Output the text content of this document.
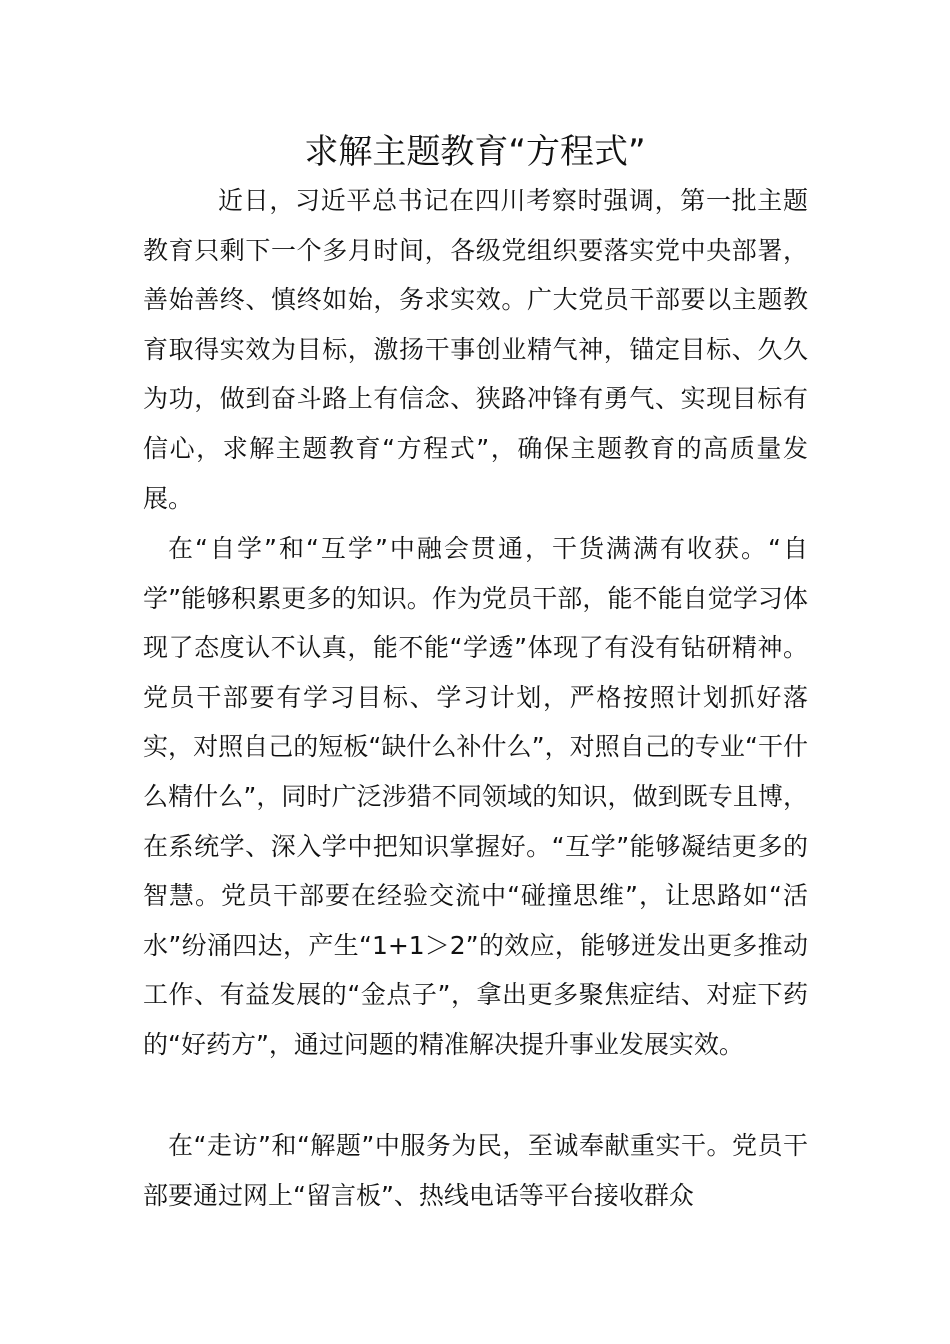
求解主题教育“方程式”

近日，习近平总书记在四川考察时强调，第一批主题教育只剩下一个多月时间，各级党组织要落实党中央部署，善始善终、慎终如始，务求实效。广大党员干部要以主题教育取得实效为目标，激扬干事创业精气神，锚定目标、久久为功，做到奋斗路上有信念、狭路冲锋有勇气、实现目标有信心，求解主题教育“方程式”，确保主题教育的高质量发展。

在“自学”和“互学”中融会贯通，干货满满有收获。“自学”能够积累更多的知识。作为党员干部，能不能自觉学习体现了态度认不认真，能不能“学透”体现了有没有钻研精神。党员干部要有学习目标、学习计划，严格按照计划抓好落实，对照自己的短板“缺什么补什么”，对照自己的专业“干什么精什么”，同时广泛涉猎不同领域的知识，做到既专且博，在系统学、深入学中把知识掌握好。“互学”能够凝结更多的智慧。党员干部要在经验交流中“碰撞思维”，让思路如“活水”纷涌四达，产生“1+1＞2”的效应，能够迸发出更多推动工作、有益发展的“金点子”，拿出更多聚焦症结、对症下药的“好药方”，通过问题的精准解决提升事业发展实效。

在“走访”和“解题”中服务为民，至诚奉献重实干。党员干部要通过网上“留言板”、热线电话等平台接收群众
